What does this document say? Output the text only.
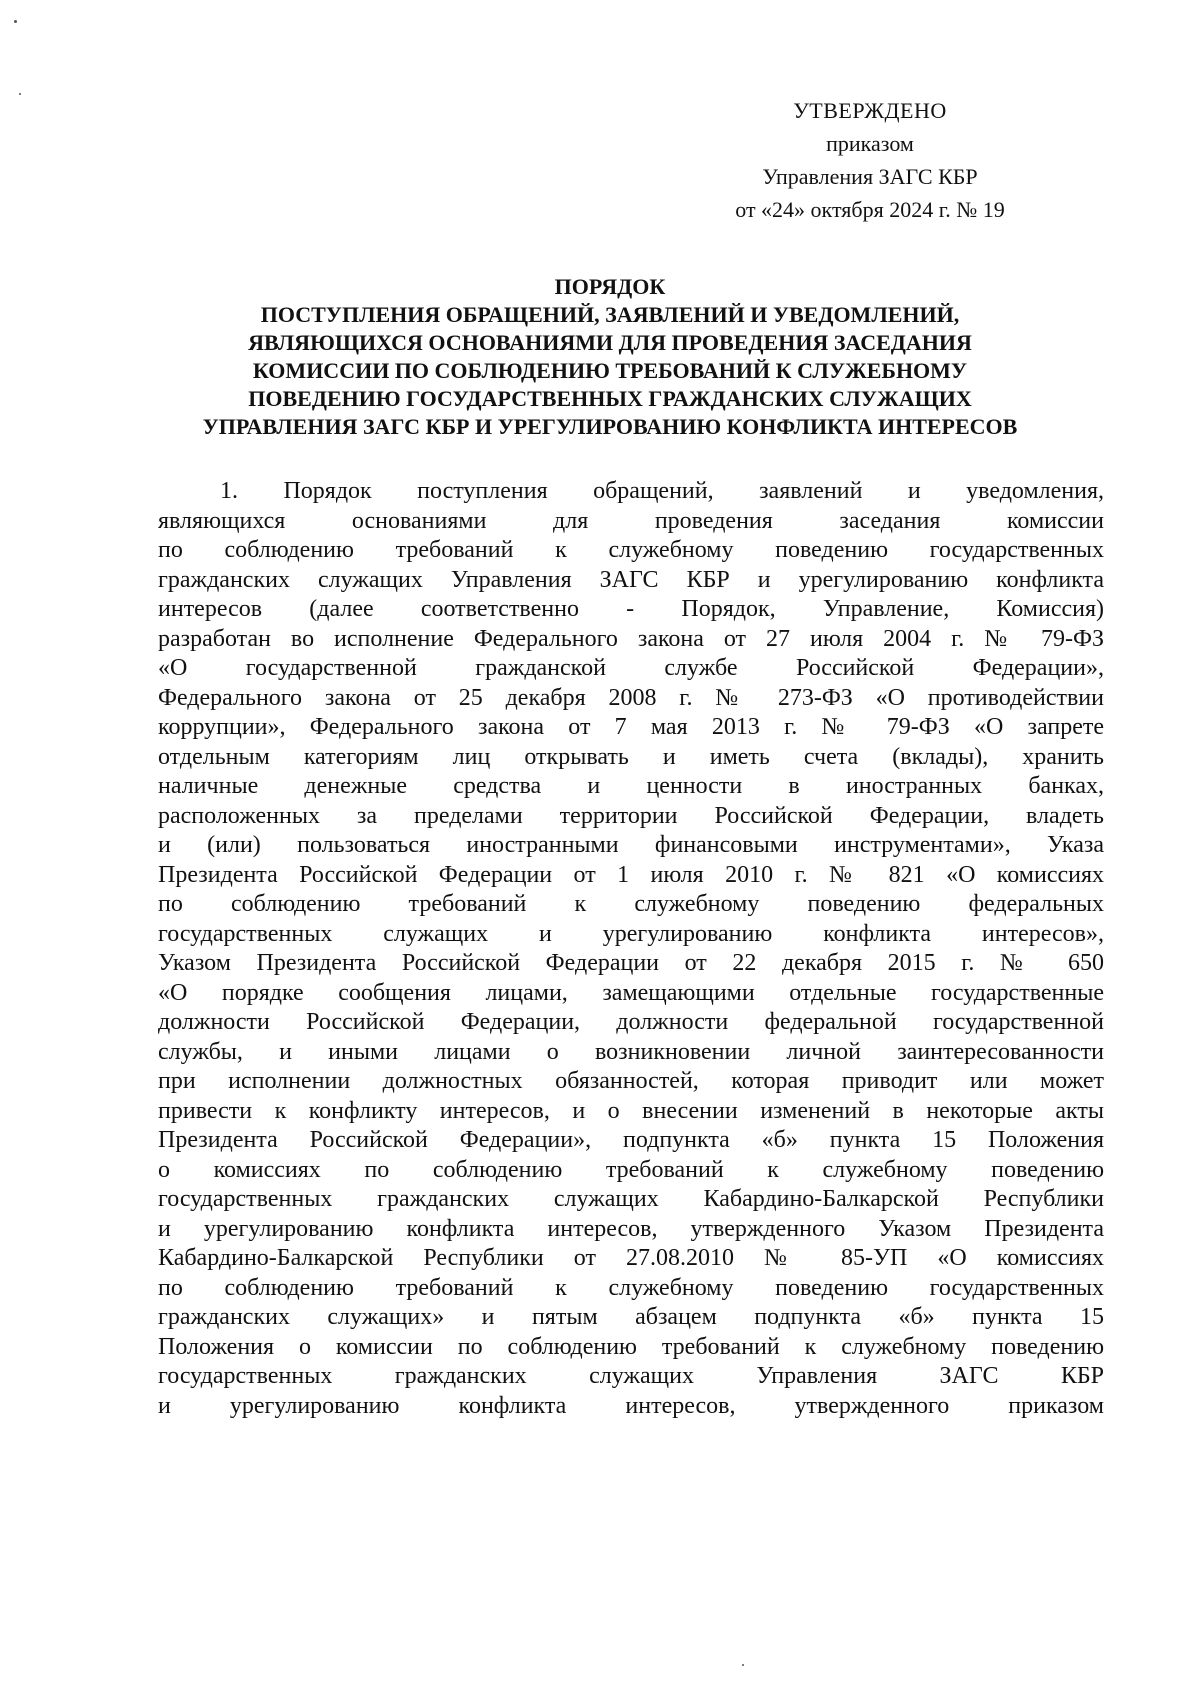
УТВЕРЖДЕНО
приказом
Управления ЗАГС КБР
от «24» октября 2024 г. № 19
ПОРЯДОК
ПОСТУПЛЕНИЯ ОБРАЩЕНИЙ, ЗАЯВЛЕНИЙ И УВЕДОМЛЕНИЙ,
ЯВЛЯЮЩИХСЯ ОСНОВАНИЯМИ ДЛЯ ПРОВЕДЕНИЯ ЗАСЕДАНИЯ
КОМИССИИ ПО СОБЛЮДЕНИЮ ТРЕБОВАНИЙ К СЛУЖЕБНОМУ
ПОВЕДЕНИЮ ГОСУДАРСТВЕННЫХ ГРАЖДАНСКИХ СЛУЖАЩИХ
УПРАВЛЕНИЯ ЗАГС КБР И УРЕГУЛИРОВАНИЮ КОНФЛИКТА ИНТЕРЕСОВ
1. Порядок поступления обращений, заявлений и уведомления,
являющихся основаниями для проведения заседания комиссии
по соблюдению требований к служебному поведению государственных
гражданских служащих Управления ЗАГС КБР и урегулированию конфликта
интересов (далее соответственно - Порядок, Управление, Комиссия)
разработан во исполнение Федерального закона от 27 июля 2004 г. № 79-ФЗ
«О государственной гражданской службе Российской Федерации»,
Федерального закона от 25 декабря 2008 г. № 273-ФЗ «О противодействии
коррупции», Федерального закона от 7 мая 2013 г. № 79-ФЗ «О запрете
отдельным категориям лиц открывать и иметь счета (вклады), хранить
наличные денежные средства и ценности в иностранных банках,
расположенных за пределами территории Российской Федерации, владеть
и (или) пользоваться иностранными финансовыми инструментами», Указа
Президента Российской Федерации от 1 июля 2010 г. № 821 «О комиссиях
по соблюдению требований к служебному поведению федеральных
государственных служащих и урегулированию конфликта интересов»,
Указом Президента Российской Федерации от 22 декабря 2015 г. № 650
«О порядке сообщения лицами, замещающими отдельные государственные
должности Российской Федерации, должности федеральной государственной
службы, и иными лицами о возникновении личной заинтересованности
при исполнении должностных обязанностей, которая приводит или может
привести к конфликту интересов, и о внесении изменений в некоторые акты
Президента Российской Федерации», подпункта «б» пункта 15 Положения
о комиссиях по соблюдению требований к служебному поведению
государственных гражданских служащих Кабардино-Балкарской Республики
и урегулированию конфликта интересов, утвержденного Указом Президента
Кабардино-Балкарской Республики от 27.08.2010 № 85-УП «О комиссиях
по соблюдению требований к служебному поведению государственных
гражданских служащих» и пятым абзацем подпункта «б» пункта 15
Положения о комиссии по соблюдению требований к служебному поведению
государственных гражданских служащих Управления ЗАГС КБР
и урегулированию конфликта интересов, утвержденного приказом
